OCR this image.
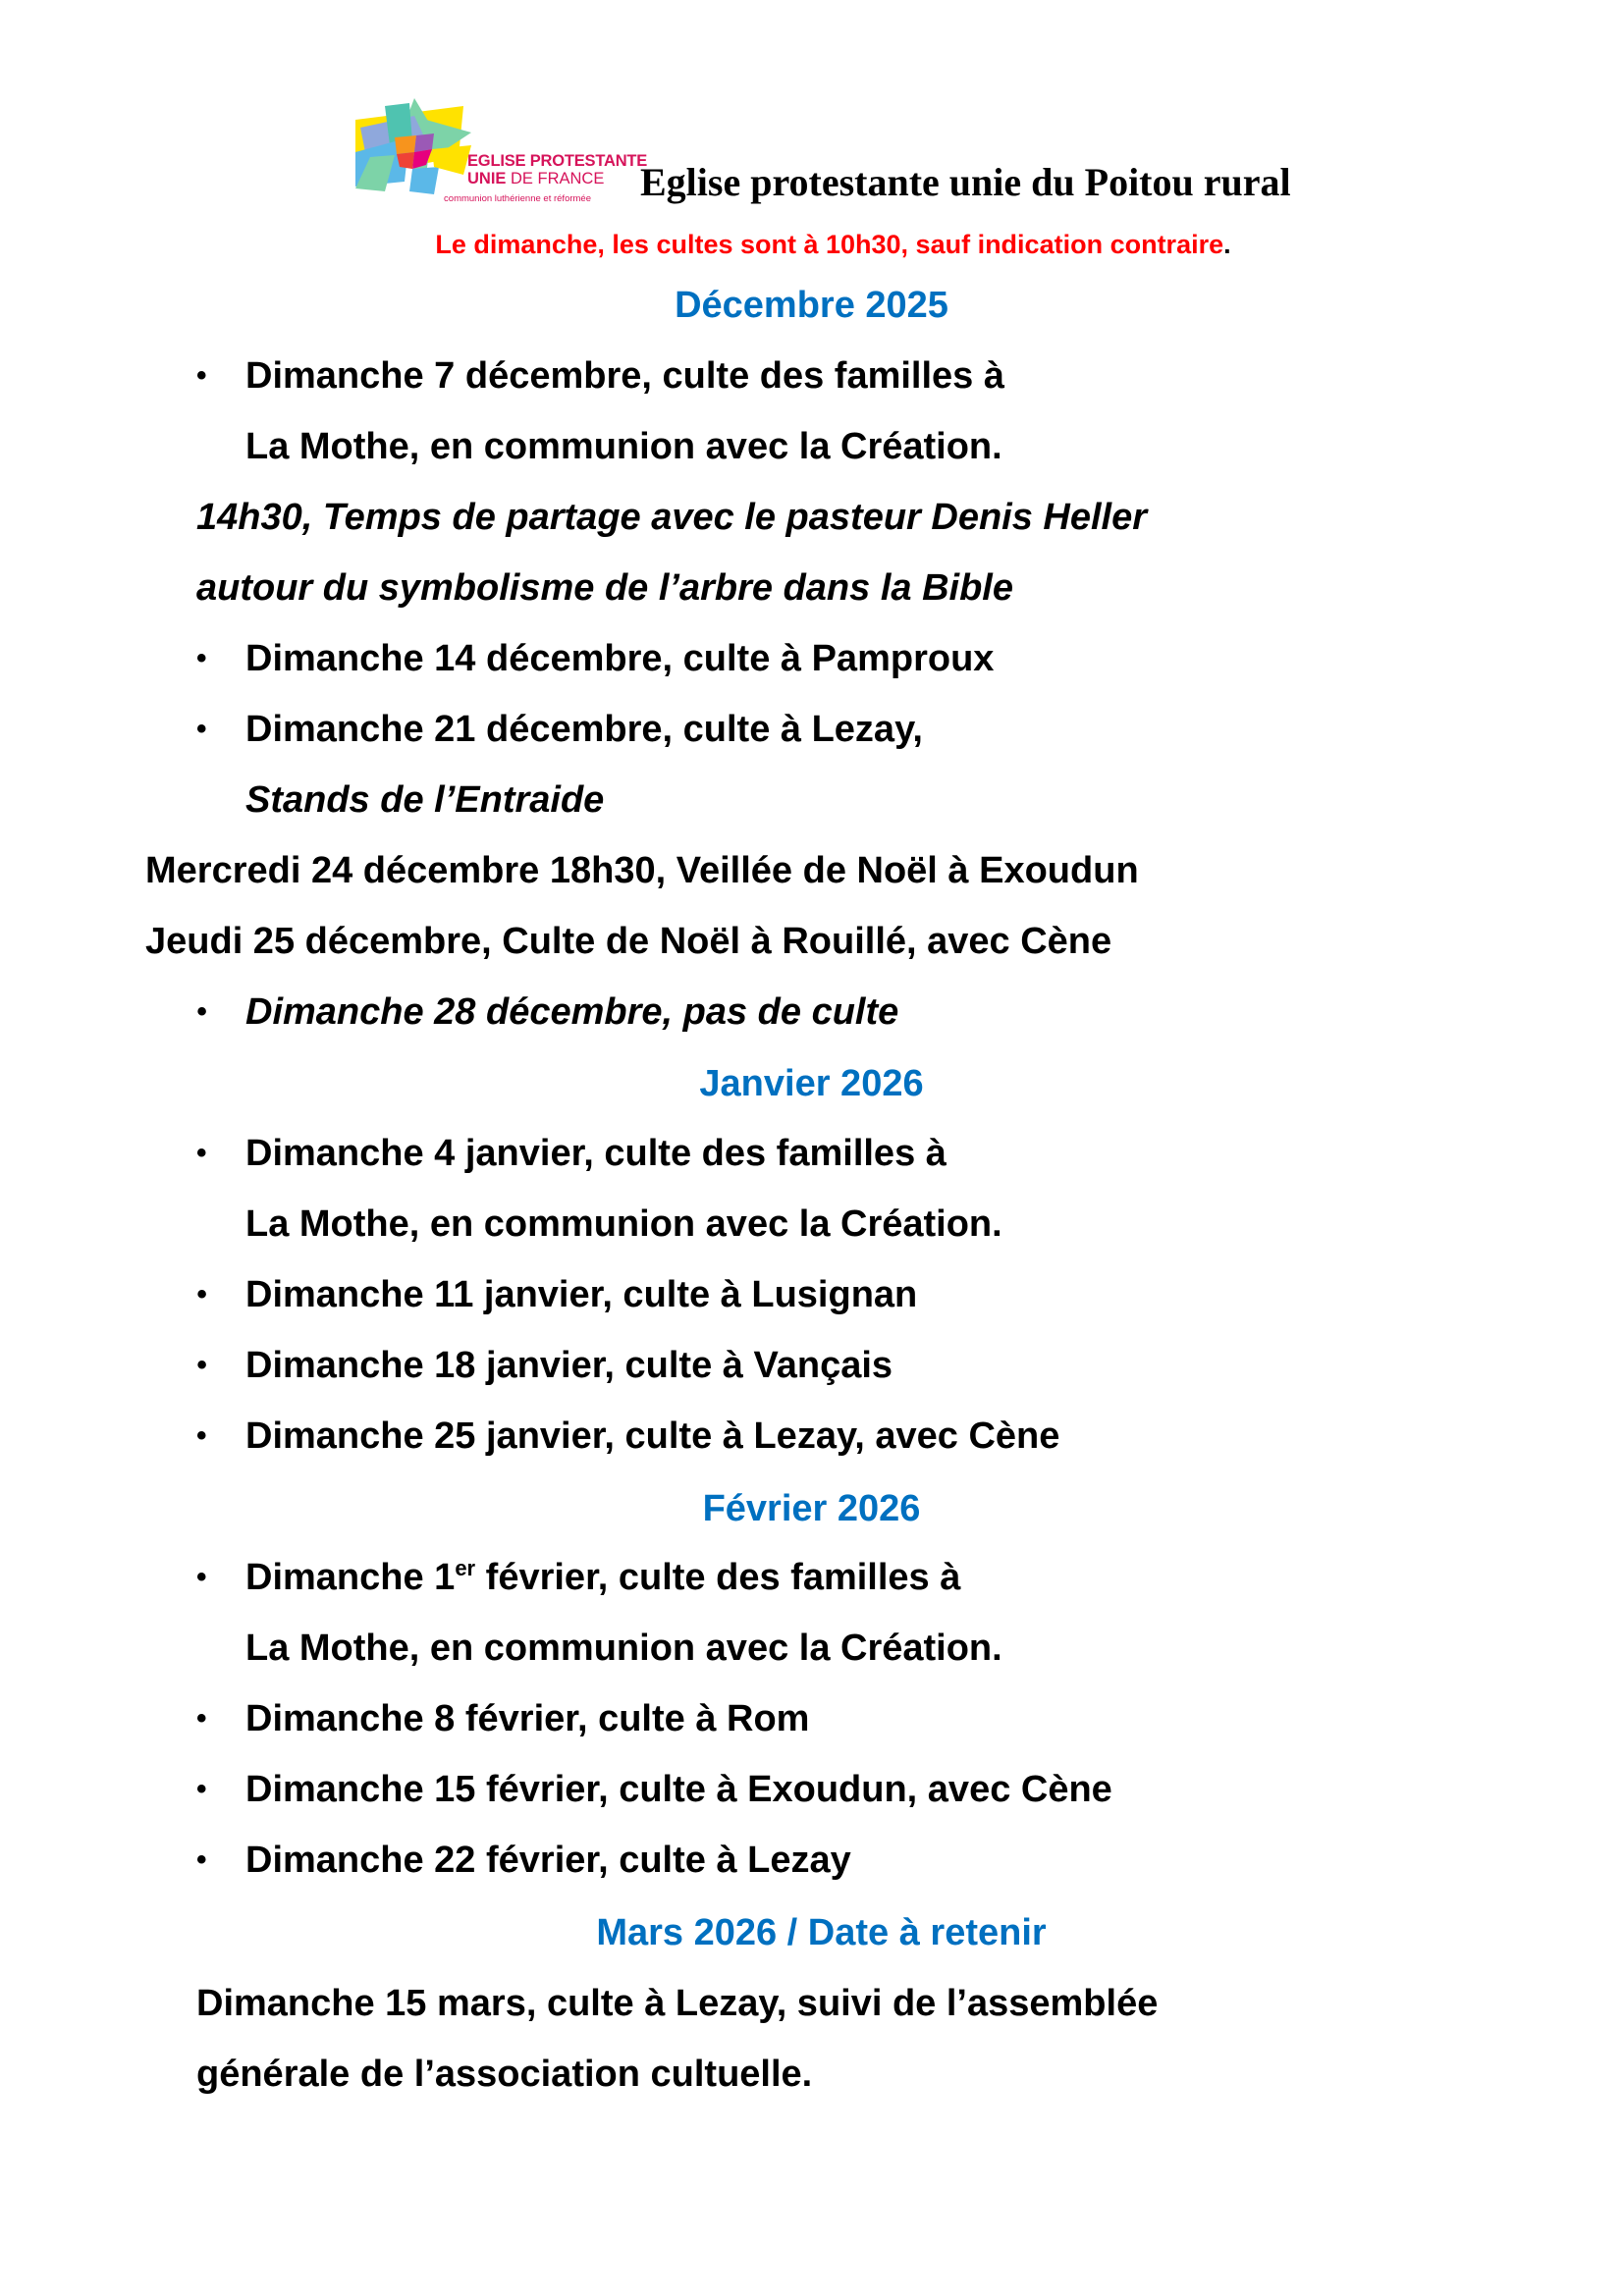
EGLISE PROTESTANTE
UNIE DE FRANCE
communion luthérienne et réformée Eglise protestante unie du Poitou rural
Le dimanche, les cultes sont à 10h30, sauf indication contraire.
Décembre 2025
• Dimanche 7 décembre, culte des familles à
La Mothe, en communion avec la Création.
14h30, Temps de partage avec le pasteur Denis Heller
autour du symbolisme de l’arbre dans la Bible
• Dimanche 14 décembre, culte à Pamproux
• Dimanche 21 décembre, culte à Lezay,
Stands de l’Entraide
Mercredi 24 décembre 18h30, Veillée de Noël à Exoudun
Jeudi 25 décembre, Culte de Noël à Rouillé, avec Cène
• Dimanche 28 décembre, pas de culte
Janvier 2026
• Dimanche 4 janvier, culte des familles à
La Mothe, en communion avec la Création.
• Dimanche 11 janvier, culte à Lusignan
• Dimanche 18 janvier, culte à Vançais
• Dimanche 25 janvier, culte à Lezay, avec Cène
Février 2026
• Dimanche 1er février, culte des familles à
La Mothe, en communion avec la Création.
• Dimanche 8 février, culte à Rom
• Dimanche 15 février, culte à Exoudun, avec Cène
• Dimanche 22 février, culte à Lezay
Mars 2026 / Date à retenir
Dimanche 15 mars, culte à Lezay, suivi de l’assemblée
générale de l’association cultuelle.
